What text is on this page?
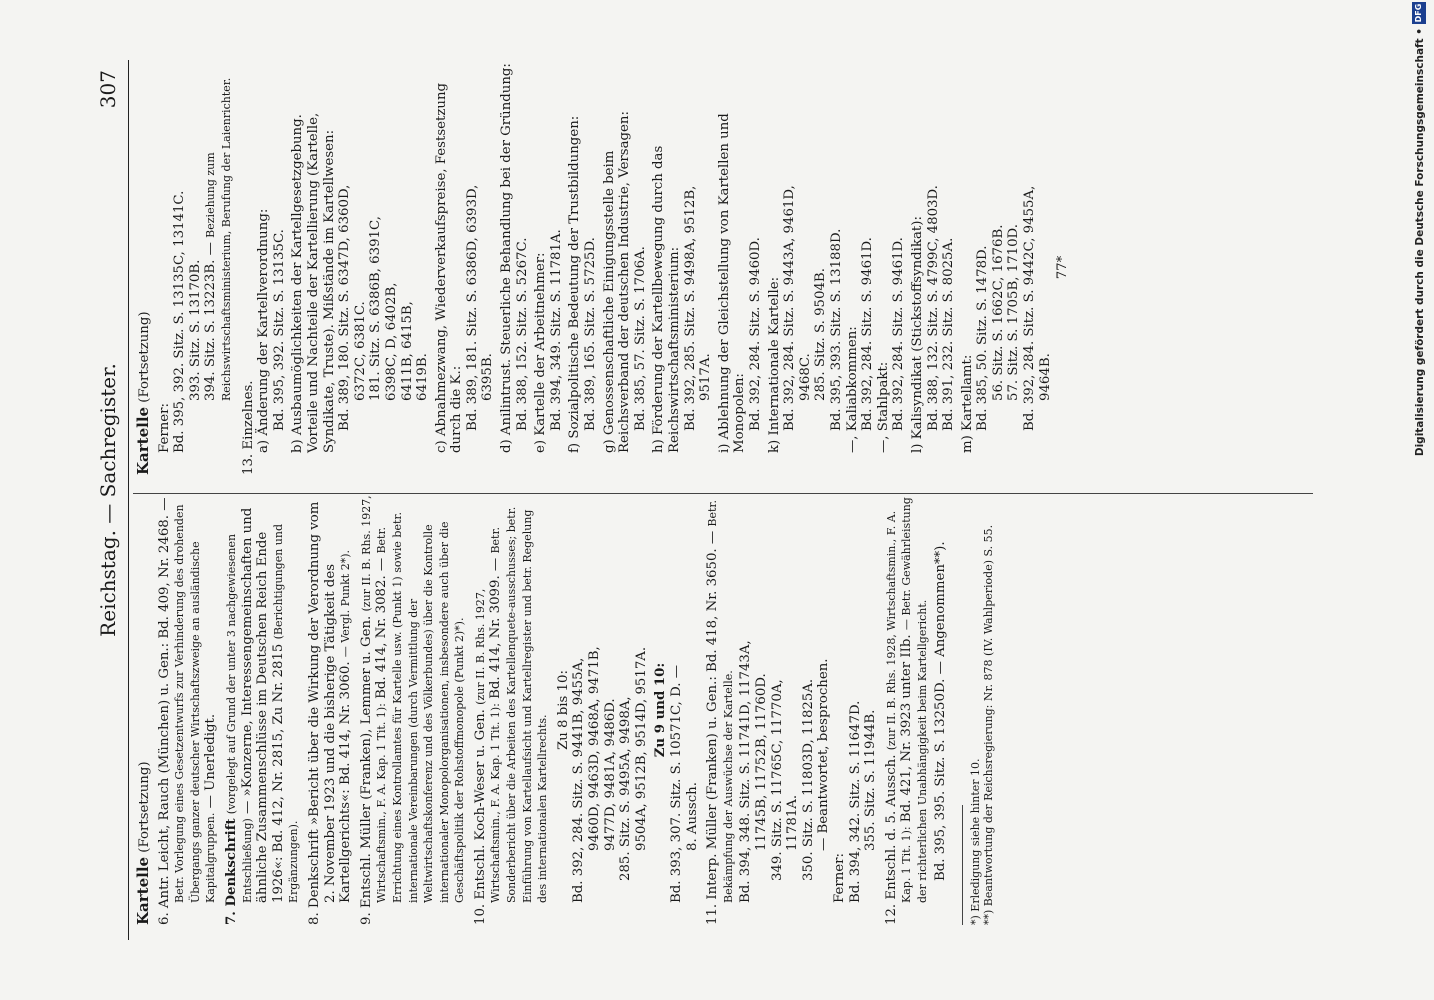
Reichstag. — Sachregister.
307

Kartelle (Fortsetzung) 6. Antr. Leicht, Rauch (München) u. Gen.: Bd. 409, Nr. 2468. — Betr. Vorlegung eines Gesetzentwurfs zur Verhinderung des drohenden Übergangs ganzer deutscher Wirtschaftszweige an ausländische Kapitalgruppen. — Unerledigt.

7. Denkschrift (vorgelegt auf Grund der unter 3 nachgewiesenen Entschließung) — »Konzerne, Interessengemeinschaften und ähnliche Zusammenschlüsse im Deutschen Reich Ende 1926«: Bd. 412, Nr. 2815, Zu Nr. 2815 (Berichtigungen und Ergänzungen). 8. Denkschrift »Bericht über die Wirkung der Verordnung vom 2. November 1923 und die bisherige Tätigkeit des Kartellgerichts«: Bd. 414, Nr. 3060. — Vergl. Punkt 2*).

9. Entschl. Müller (Franken), Lemmer u. Gen. (zur II. B. Rhs. 1927, Wirtschaftsmin., F. A. Kap. 1 Tit. 1): Bd. 414, Nr. 3082. — Betr. Errichtung eines Kontrollamtes für Kartelle usw. (Punkt 1) sowie betr. internationale Vereinbarungen (durch Vermittlung der Weltwirtschaftskonferenz und des Völkerbundes) über die Kontrolle internationaler Monopolorganisationen, insbesondere auch über die Geschäftspolitik der Rohstoffmonopole (Punkt 2)*). 10. Entschl. Koch-Weser u. Gen. (zur II. B. Rhs. 1927, Wirtschaftsmin., F. A. Kap. 1 Tit. 1): Bd. 414, Nr. 3099. — Betr. Sonderbericht über die Arbeiten des Kartellenquete-ausschusses; betr. Einführung von Kartellaufsicht und Kartellregister und betr. Regelung des internationalen Kartellrechts.

Zu 8 bis 10: Bd. 392, 284. Sitz. S. 9441B, 9455A, 9460D, 9463D, 9468A, 9471B, 9477D, 9481A, 9486D. 285. Sitz. S. 9495A, 9498A, 9504A, 9512B, 9514D, 9517A. Zu 9 und 10: Bd. 393, 307. Sitz. S. 10571C, D. — 8. Aussch. 11. Interp. Müller (Franken) u. Gen.: Bd. 418, Nr. 3650. — Betr. Bekämpfung der Auswüchse der Kartelle. Bd. 394, 348. Sitz. S. 11741D, 11743A, 11745B, 11752B, 11760D. 349. Sitz. S. 11765C, 11770A, 11781A. 350. Sitz. S. 11803D, 11825A. — Beantwortet, besprochen.
Ferner: Bd. 394, 342. Sitz. S. 11647D. 355. Sitz. S. 11944B. 12. Entschl. d. 5. Aussch. (zur II. B. Rhs. 1928, Wirtschaftsmin., F. A. Kap. 1 Tit. 1): Bd. 421, Nr. 3923 unter IIb. — Betr. Gewährleistung der richterlichen Unabhängigkeit beim Kartellgericht. Bd. 395, 395. Sitz. S. 13250D. — Angenommen**). *) Erledigung siehe hinter 10. **) Beantwortung der Reichsregierung: Nr. 878 (IV. Wahlperiode) S. 55.

Kartelle (Fortsetzung)

Ferner: Bd. 395, 392. Sitz. S. 13135C, 13141C. 393. Sitz. S. 13170B. 394. Sitz. S. 13223B. — Beziehung zum Reichswirtschaftsministerium, Berufung der Laienrichter.
13. Einzelnes. a) Änderung der Kartellverordnung: Bd. 395, 392. Sitz. S. 13135C. b) Ausbaumöglichkeiten der Kartellgesetzgebung. Vorteile und Nachteile der Kartellierung (Kartelle, Syndikate, Truste). Mißstände im Kartellwesen: Bd. 389, 180. Sitz. S. 6347D, 6360D, 6372C, 6381C. 181. Sitz. S. 6386B, 6391C, 6398C, D, 6402B, 6411B, 6415B, 6419B. c) Abnahmezwang, Wiederverkaufspreise, Festsetzung durch die K.: Bd. 389, 181. Sitz. S. 6386D, 6393D, 6395B. d) Anilintrust. Steuerliche Behandlung bei der Gründung: Bd. 388, 152. Sitz. S. 5267C. e) Kartelle der Arbeitnehmer: Bd. 394, 349. Sitz. S. 11781A. f) Sozialpolitische Bedeutung der Trustbildungen: Bd. 389, 165. Sitz. S. 5725D. g) Genossenschaftliche Einigungsstelle beim Reichsverband der deutschen Industrie, Versagen: Bd. 385, 57. Sitz. S. 1706A. h) Förderung der Kartellbewegung durch das Reichswirtschaftsministerium: Bd. 392, 285. Sitz. S. 9498A, 9512B, 9517A. i) Ablehnung der Gleichstellung von Kartellen und Monopolen: Bd. 392, 284. Sitz. S. 9460D. k) Internationale Kartelle: Bd. 392, 284. Sitz. S. 9443A, 9461D, 9468C. 285. Sitz. S. 9504B. Bd. 395, 393. Sitz. S. 13188D. —, Kaliabkommen: Bd. 392, 284. Sitz. S. 9461D. —, Stahlpakt: Bd. 392, 284. Sitz. S. 9461D. l) Kalisyndikat (Stickstoffsyndikat): Bd. 388, 132. Sitz. S. 4799C, 4803D. Bd. 391, 232. Sitz. S. 8025A. m) Kartellamt: Bd. 385, 50. Sitz. S. 1478D. 56. Sitz. S. 1662C, 1676B. 57. Sitz. S. 1705B, 1710D. Bd. 392, 284. Sitz. S. 9442C, 9455A, 9464B.
77*	Digitalisierung gefördert durch die Deutsche Forschungsgemeinschaft •
DFG
